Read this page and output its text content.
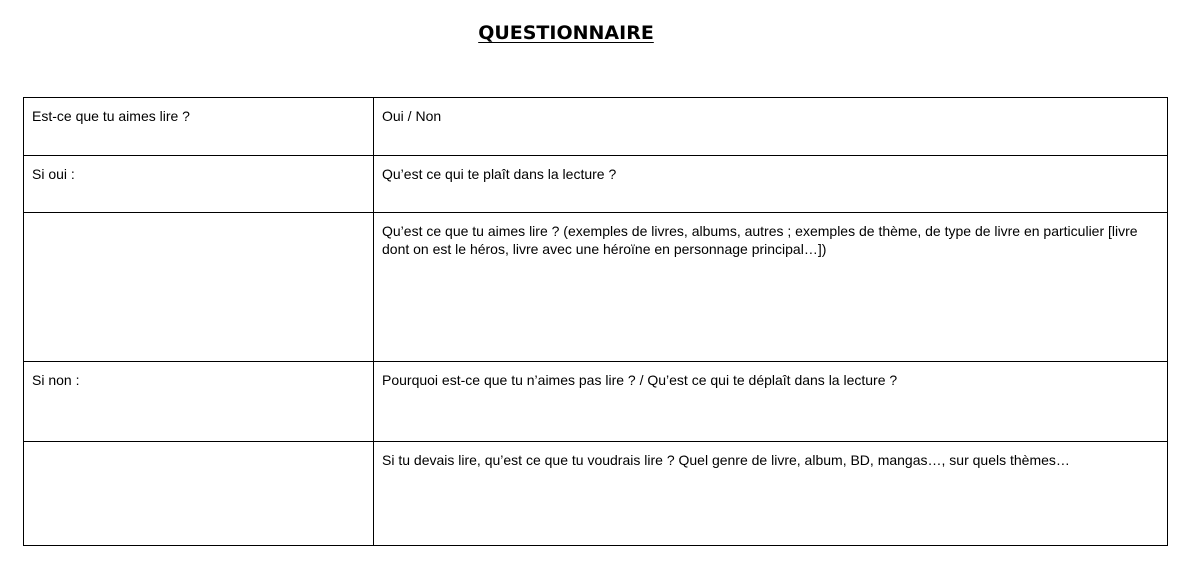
QUESTIONNAIRE
Est-ce que tu aimes lire ?	Oui / Non
Si oui :	Qu’est ce qui te plaît dans la lecture ?
	Qu’est ce que tu aimes lire ? (exemples de livres, albums, autres ; exemples de thème, de type de livre en particulier [livre dont on est le héros, livre avec une héroïne en personnage principal…])
Si non :	Pourquoi est-ce que tu n’aimes pas lire ? / Qu’est ce qui te déplaît dans la lecture ?
	Si tu devais lire, qu’est ce que tu voudrais lire ? Quel genre de livre, album, BD, mangas…, sur quels thèmes…
